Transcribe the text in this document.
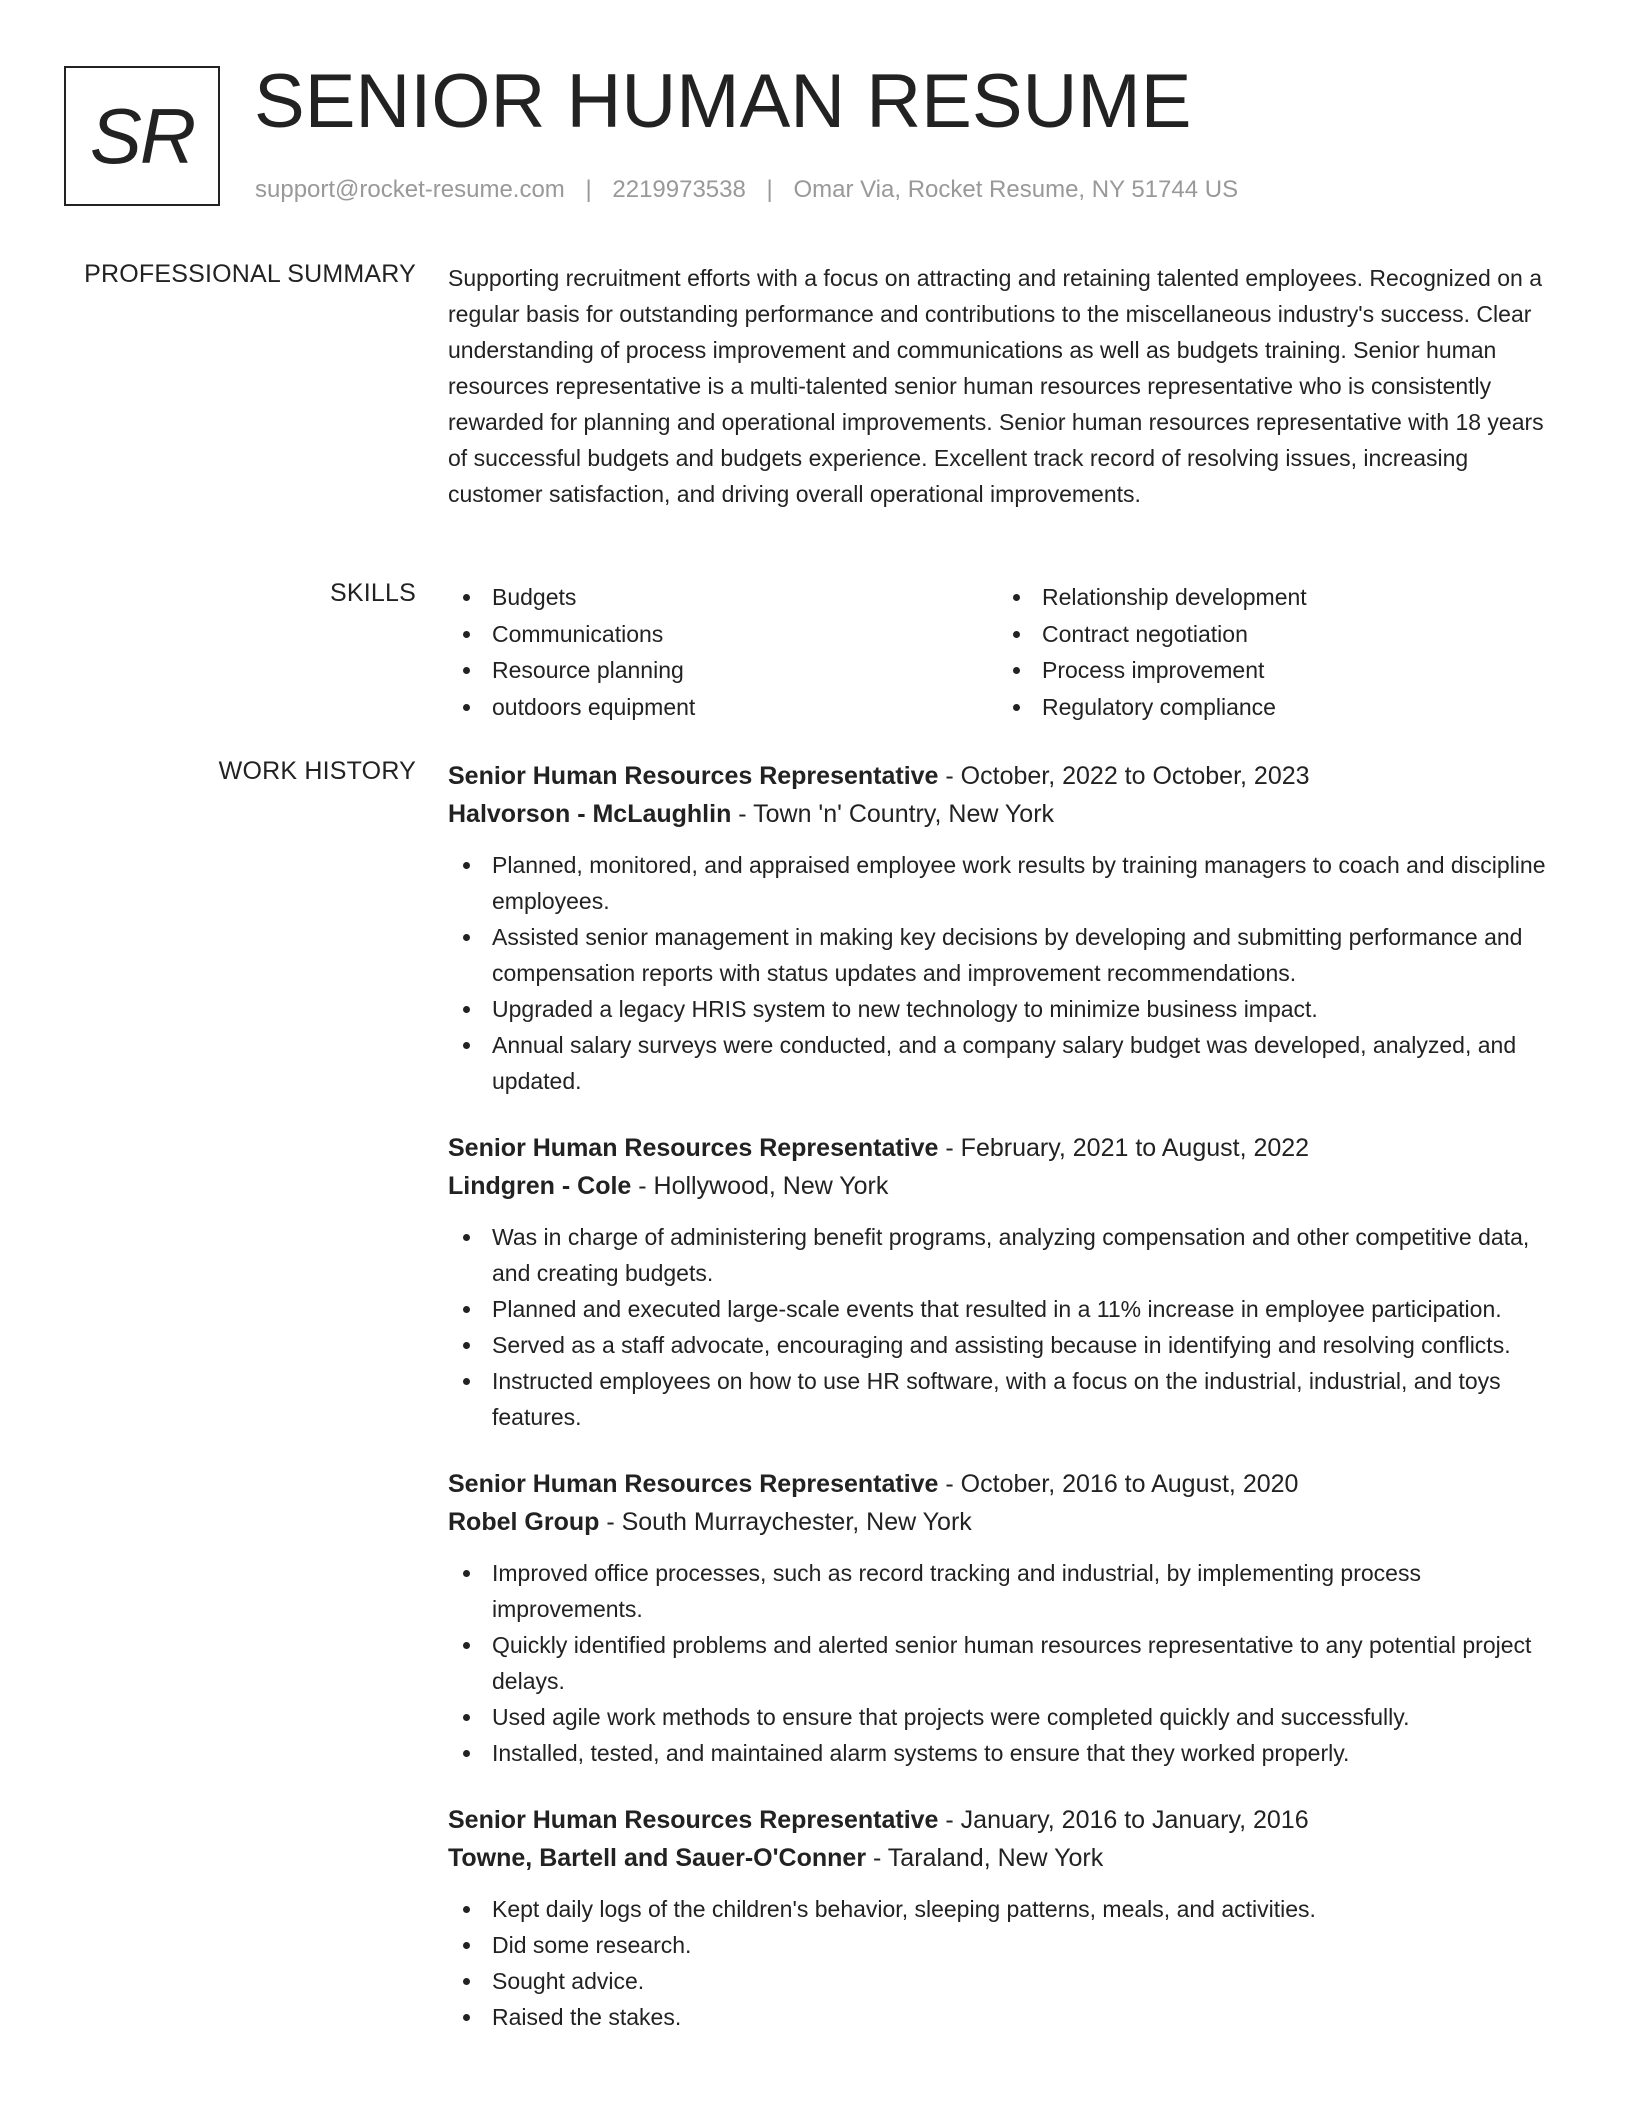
SR SENIOR HUMAN RESUME
support@rocket-resume.com | 2219973538 | Omar Via, Rocket Resume, NY 51744 US
PROFESSIONAL SUMMARY Supporting recruitment efforts with a focus on attracting and retaining talented employees. Recognized on a regular basis for outstanding performance and contributions to the miscellaneous industry's success. Clear understanding of process improvement and communications as well as budgets training. Senior human resources representative is a multi-talented senior human resources representative who is consistently rewarded for planning and operational improvements. Senior human resources representative with 18 years of successful budgets and budgets experience. Excellent track record of resolving issues, increasing customer satisfaction, and driving overall operational improvements.
SKILLS	Budgets
Communications
Resource planning
outdoors equipment
Relationship development
Contract negotiation
Process improvement
Regulatory compliance
WORK HISTORY Senior Human Resources Representative - October, 2022 to October, 2023
Halvorson - McLaughlin - Town 'n' Country, New York
Planned, monitored, and appraised employee work results by training managers to coach and discipline employees.
Assisted senior management in making key decisions by developing and submitting performance and compensation reports with status updates and improvement recommendations.
Upgraded a legacy HRIS system to new technology to minimize business impact.
Annual salary surveys were conducted, and a company salary budget was developed, analyzed, and updated.
Senior Human Resources Representative - February, 2021 to August, 2022
Lindgren - Cole - Hollywood, New York
Was in charge of administering benefit programs, analyzing compensation and other competitive data, and creating budgets.
Planned and executed large-scale events that resulted in a 11% increase in employee participation.
Served as a staff advocate, encouraging and assisting because in identifying and resolving conflicts.
Instructed employees on how to use HR software, with a focus on the industrial, industrial, and toys features.
Senior Human Resources Representative - October, 2016 to August, 2020
Robel Group - South Murraychester, New York
Improved office processes, such as record tracking and industrial, by implementing process improvements.
Quickly identified problems and alerted senior human resources representative to any potential project delays.
Used agile work methods to ensure that projects were completed quickly and successfully.
Installed, tested, and maintained alarm systems to ensure that they worked properly.
Senior Human Resources Representative - January, 2016 to January, 2016
Towne, Bartell and Sauer-O'Conner - Taraland, New York
Kept daily logs of the children's behavior, sleeping patterns, meals, and activities.
Did some research.
Sought advice.
Raised the stakes.
